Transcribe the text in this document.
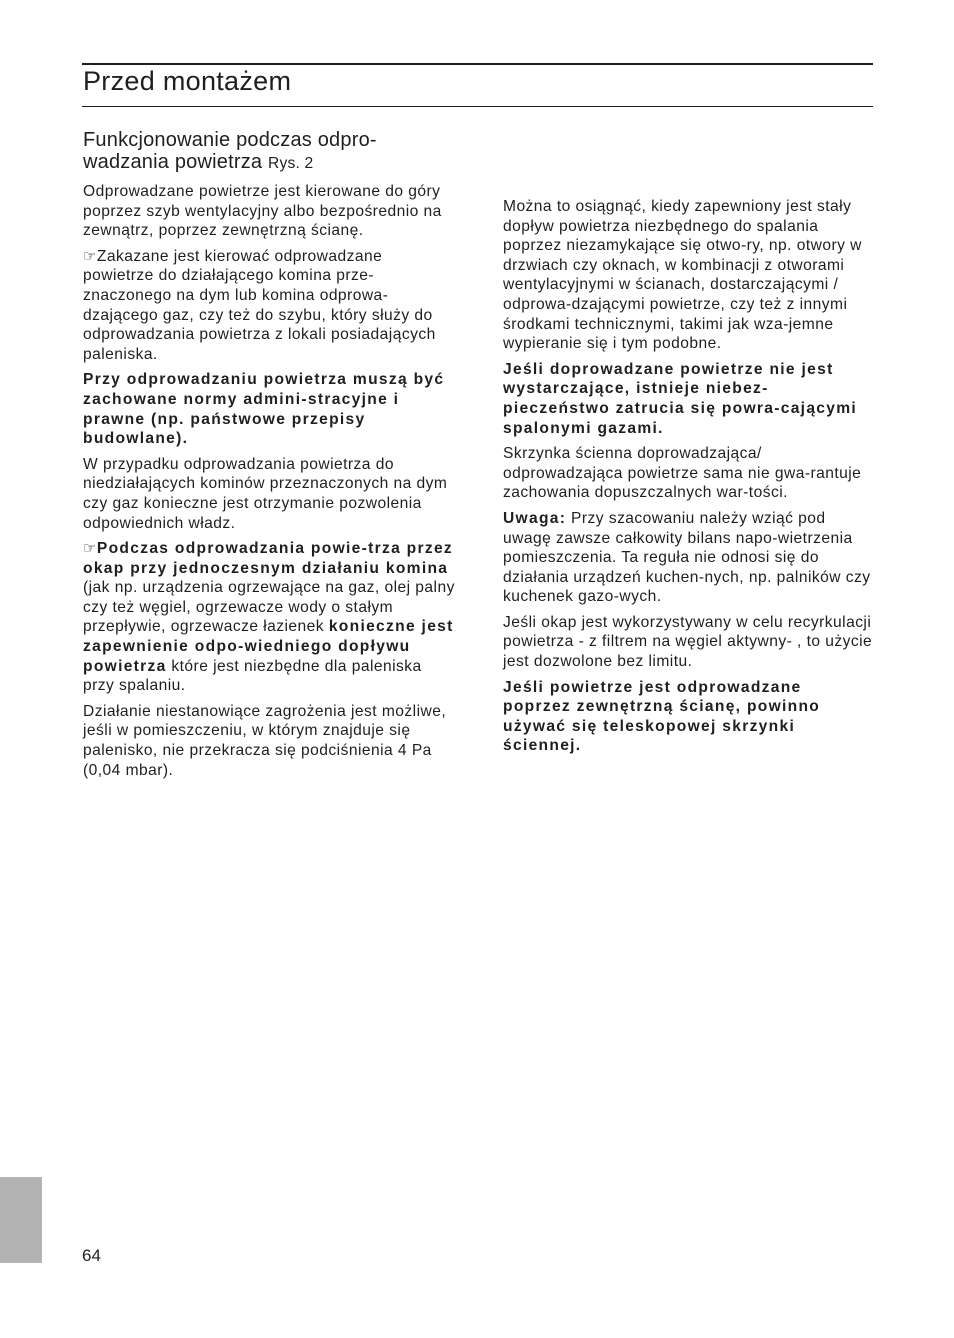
Przed montażem
Funkcjonowanie podczas odpro-
wadzania powietrza Rys. 2

Odprowadzane powietrze jest kierowane do góry poprzez szyb wentylacyjny albo bezpośrednio na zewnątrz, poprzez zewnętrzną ścianę.

☞Zakazane jest kierować odprowadzane powietrze do działającego komina prze-znaczonego na dym lub komina odprowa-dzającego gaz, czy też do szybu, który służy do odprowadzania powietrza z lokali posiadających paleniska.

Przy odprowadzaniu powietrza muszą być zachowane normy admini-stracyjne i prawne (np. państwowe przepisy budowlane).

W przypadku odprowadzania powietrza do niedziałających kominów przeznaczonych na dym czy gaz konieczne jest otrzymanie pozwolenia odpowiednich władz.

☞Podczas odprowadzania powie-trza przez okap przy jednoczesnym działaniu komina (jak np. urządzenia ogrzewające na gaz, olej palny czy też węgiel, ogrzewacze wody o stałym przepływie, ogrzewacze łazienek konieczne jest zapewnienie odpo-wiedniego dopływu powietrza które jest niezbędne dla paleniska przy spalaniu.

Działanie niestanowiące zagrożenia jest możliwe, jeśli w pomieszczeniu, w którym znajduje się palenisko, nie przekracza się podciśnienia 4 Pa (0,04 mbar).

Można to osiągnąć, kiedy zapewniony jest stały dopływ powietrza niezbędnego do spalania poprzez niezamykające się otwo-ry, np. otwory w drzwiach czy oknach, w kombinacji z otworami wentylacyjnymi w ścianach, dostarczającymi / odprowa-dzającymi powietrze, czy też z innymi środkami technicznymi, takimi jak wza-jemne wypieranie się i tym podobne.

Jeśli doprowadzane powietrze nie jest wystarczające, istnieje niebez-pieczeństwo zatrucia się powra-cającymi spalonymi gazami.

Skrzynka ścienna doprowadzająca/ odprowadzająca powietrze sama nie gwa-rantuje zachowania dopuszczalnych war-tości.

Uwaga: Przy szacowaniu należy wziąć pod uwagę zawsze całkowity bilans napo-wietrzenia pomieszczenia. Ta reguła nie odnosi się do działania urządzeń kuchen-nych, np. palników czy kuchenek gazo-wych.

Jeśli okap jest wykorzystywany w celu recyrkulacji powietrza - z filtrem na węgiel aktywny- , to użycie jest dozwolone bez limitu.

Jeśli powietrze jest odprowadzane poprzez zewnętrzną ścianę, powinno używać się teleskopowej skrzynki ściennej.

64
